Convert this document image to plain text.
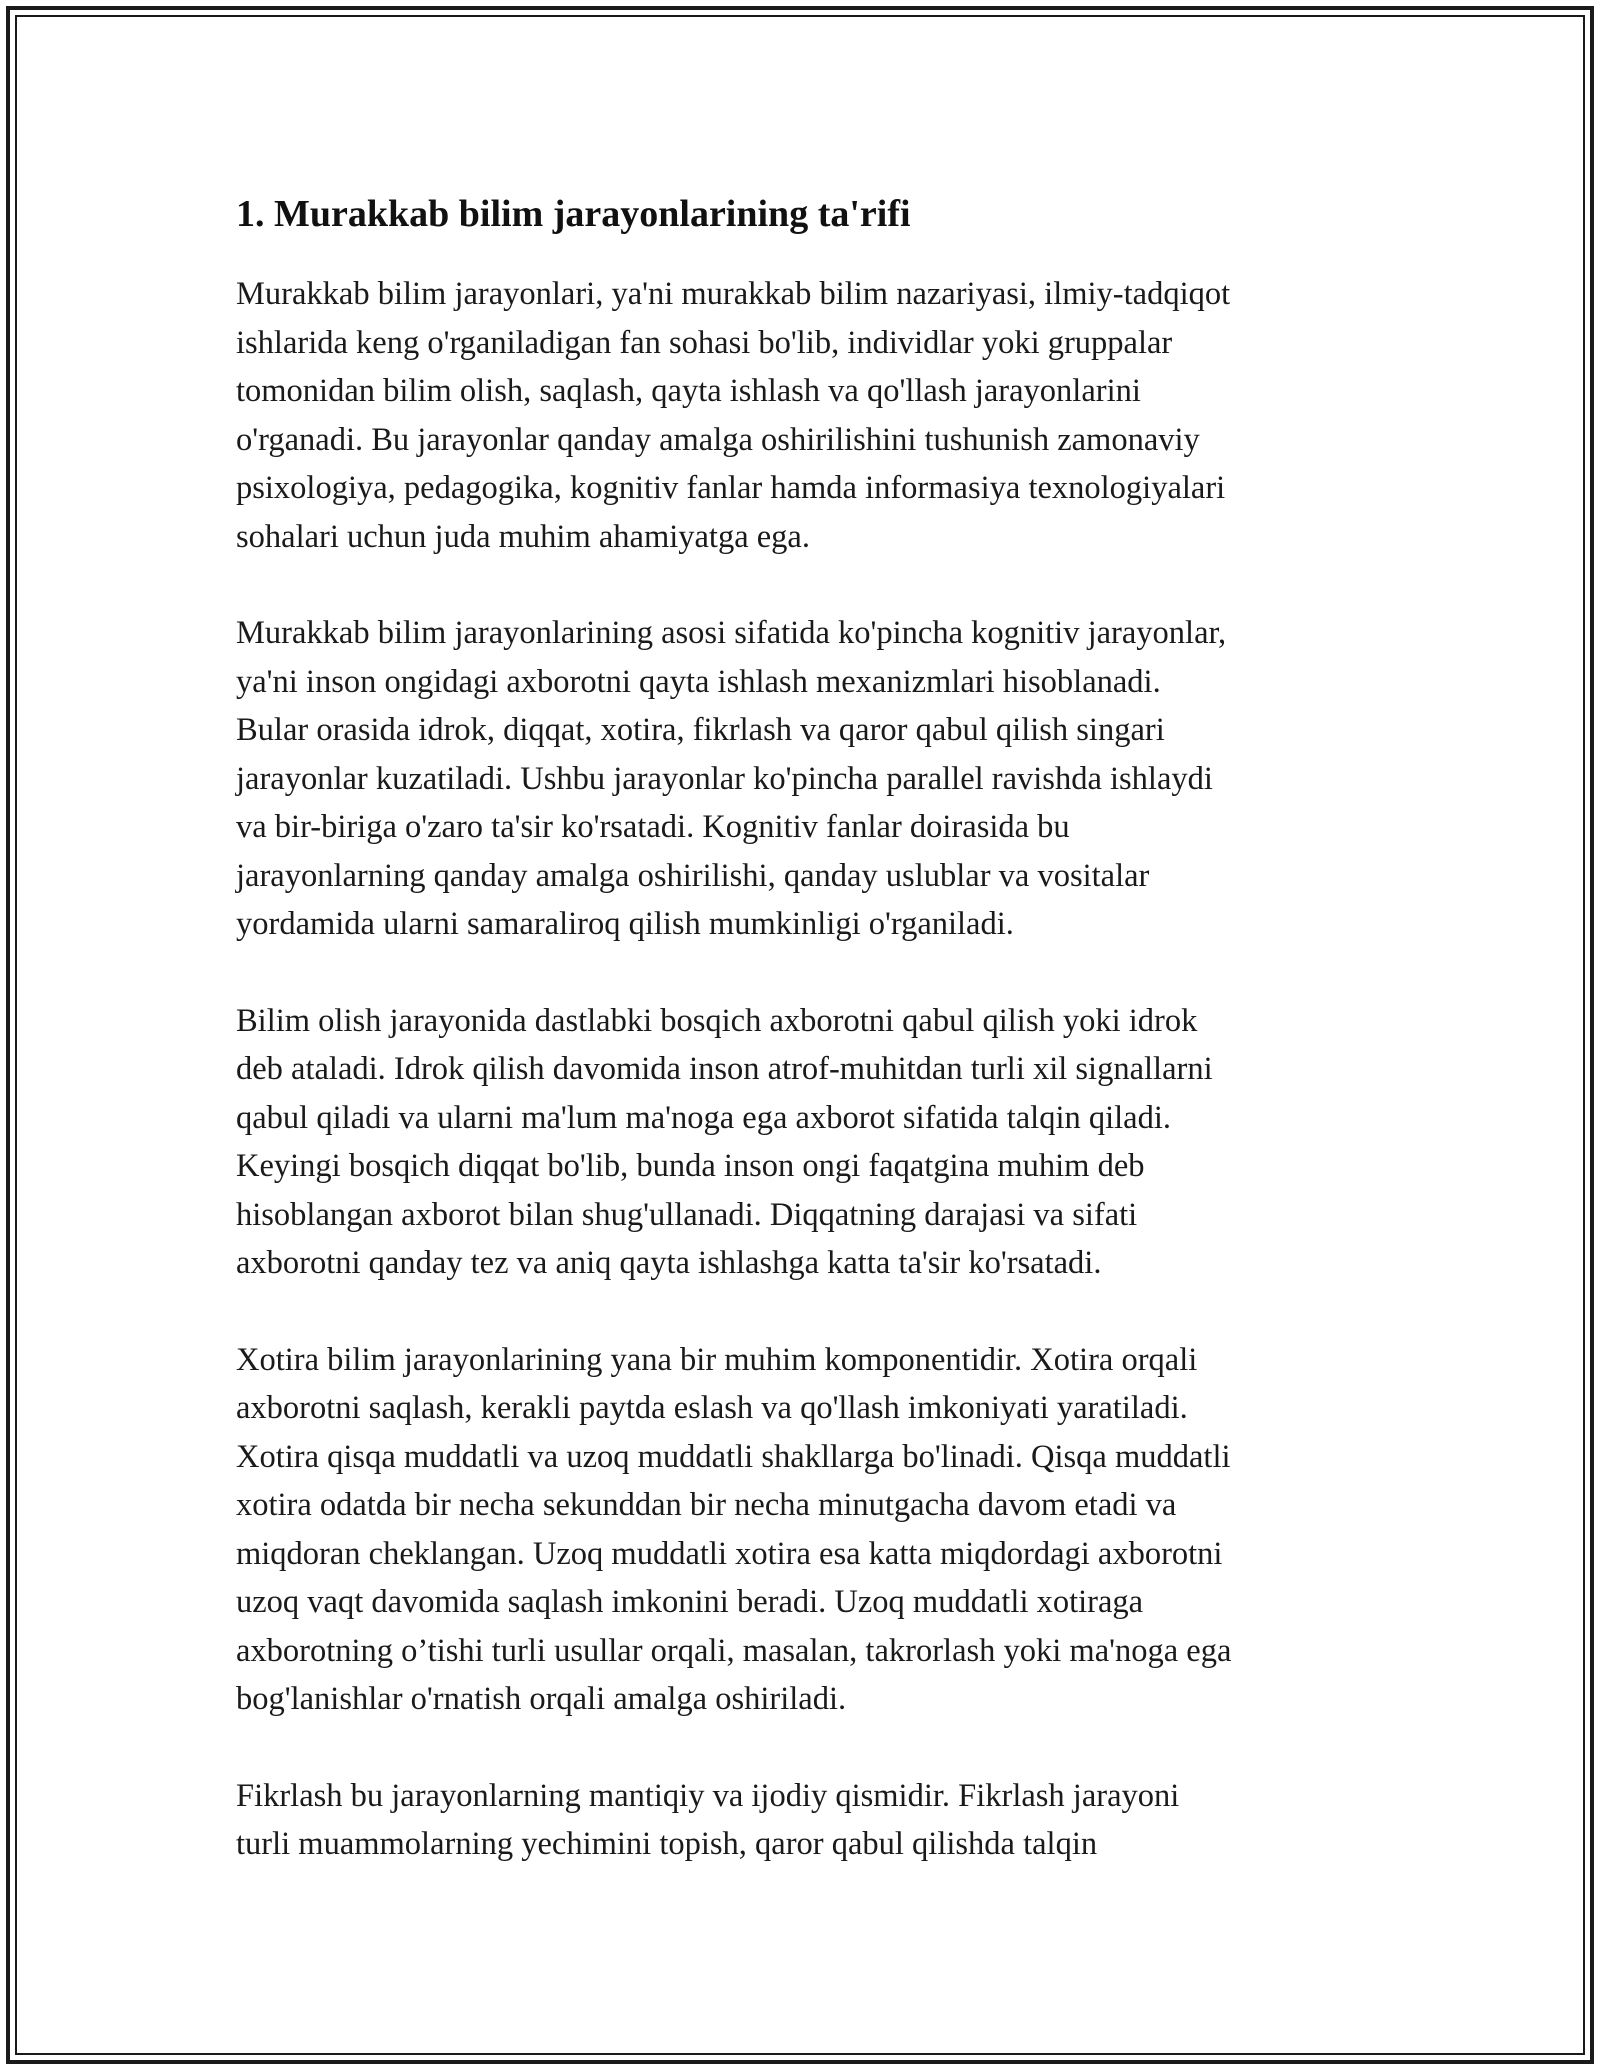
1. Murakkab bilim jarayonlarining ta'rifi

Murakkab bilim jarayonlari, ya'ni murakkab bilim nazariyasi, ilmiy-tadqiqot
ishlarida keng o'rganiladigan fan sohasi bo'lib, individlar yoki gruppalar
tomonidan bilim olish, saqlash, qayta ishlash va qo'llash jarayonlarini
o'rganadi. Bu jarayonlar qanday amalga oshirilishini tushunish zamonaviy
psixologiya, pedagogika, kognitiv fanlar hamda informasiya texnologiyalari
sohalari uchun juda muhim ahamiyatga ega.

Murakkab bilim jarayonlarining asosi sifatida ko'pincha kognitiv jarayonlar,
ya'ni inson ongidagi axborotni qayta ishlash mexanizmlari hisoblanadi.
Bular orasida idrok, diqqat, xotira, fikrlash va qaror qabul qilish singari
jarayonlar kuzatiladi. Ushbu jarayonlar ko'pincha parallel ravishda ishlaydi
va bir-biriga o'zaro ta'sir ko'rsatadi. Kognitiv fanlar doirasida bu
jarayonlarning qanday amalga oshirilishi, qanday uslublar va vositalar
yordamida ularni samaraliroq qilish mumkinligi o'rganiladi.

Bilim olish jarayonida dastlabki bosqich axborotni qabul qilish yoki idrok
deb ataladi. Idrok qilish davomida inson atrof-muhitdan turli xil signallarni
qabul qiladi va ularni ma'lum ma'noga ega axborot sifatida talqin qiladi.
Keyingi bosqich diqqat bo'lib, bunda inson ongi faqatgina muhim deb
hisoblangan axborot bilan shug'ullanadi. Diqqatning darajasi va sifati
axborotni qanday tez va aniq qayta ishlashga katta ta'sir ko'rsatadi.

Xotira bilim jarayonlarining yana bir muhim komponentidir. Xotira orqali
axborotni saqlash, kerakli paytda eslash va qo'llash imkoniyati yaratiladi.
Xotira qisqa muddatli va uzoq muddatli shakllarga bo'linadi. Qisqa muddatli
xotira odatda bir necha sekunddan bir necha minutgacha davom etadi va
miqdoran cheklangan. Uzoq muddatli xotira esa katta miqdordagi axborotni
uzoq vaqt davomida saqlash imkonini beradi. Uzoq muddatli xotiraga
axborotning o’tishi turli usullar orqali, masalan, takrorlash yoki ma'noga ega
bog'lanishlar o'rnatish orqali amalga oshiriladi.

Fikrlash bu jarayonlarning mantiqiy va ijodiy qismidir. Fikrlash jarayoni
turli muammolarning yechimini topish, qaror qabul qilishda talqin
